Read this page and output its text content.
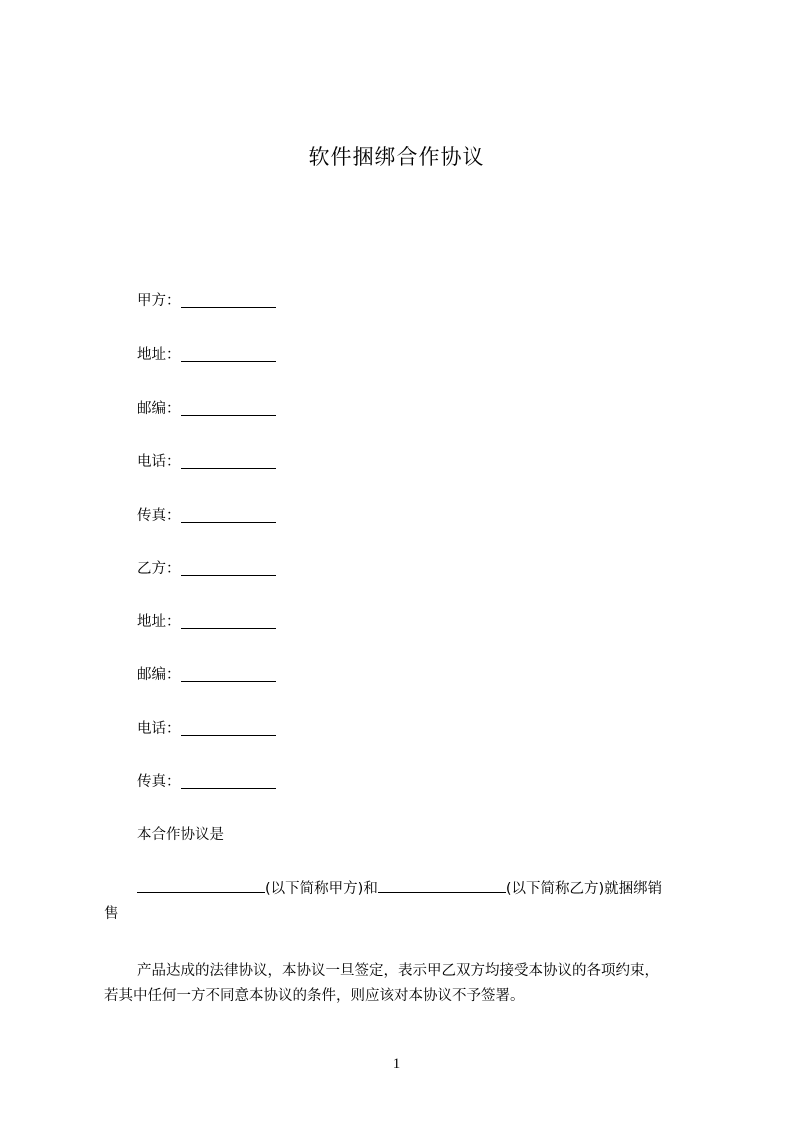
软件捆绑合作协议
甲方：
地址：
邮编：
电话：
传真：
乙方：
地址：
邮编：
电话：
传真：
本合作协议是
(以下简称甲方)和	(以下简称乙方)就捆绑销
售
产品达成的法律协议，本协议一旦签定，表示甲乙双方均接受本协议的各项约束，
若其中任何一方不同意本协议的条件，则应该对本协议不予签署。
1
